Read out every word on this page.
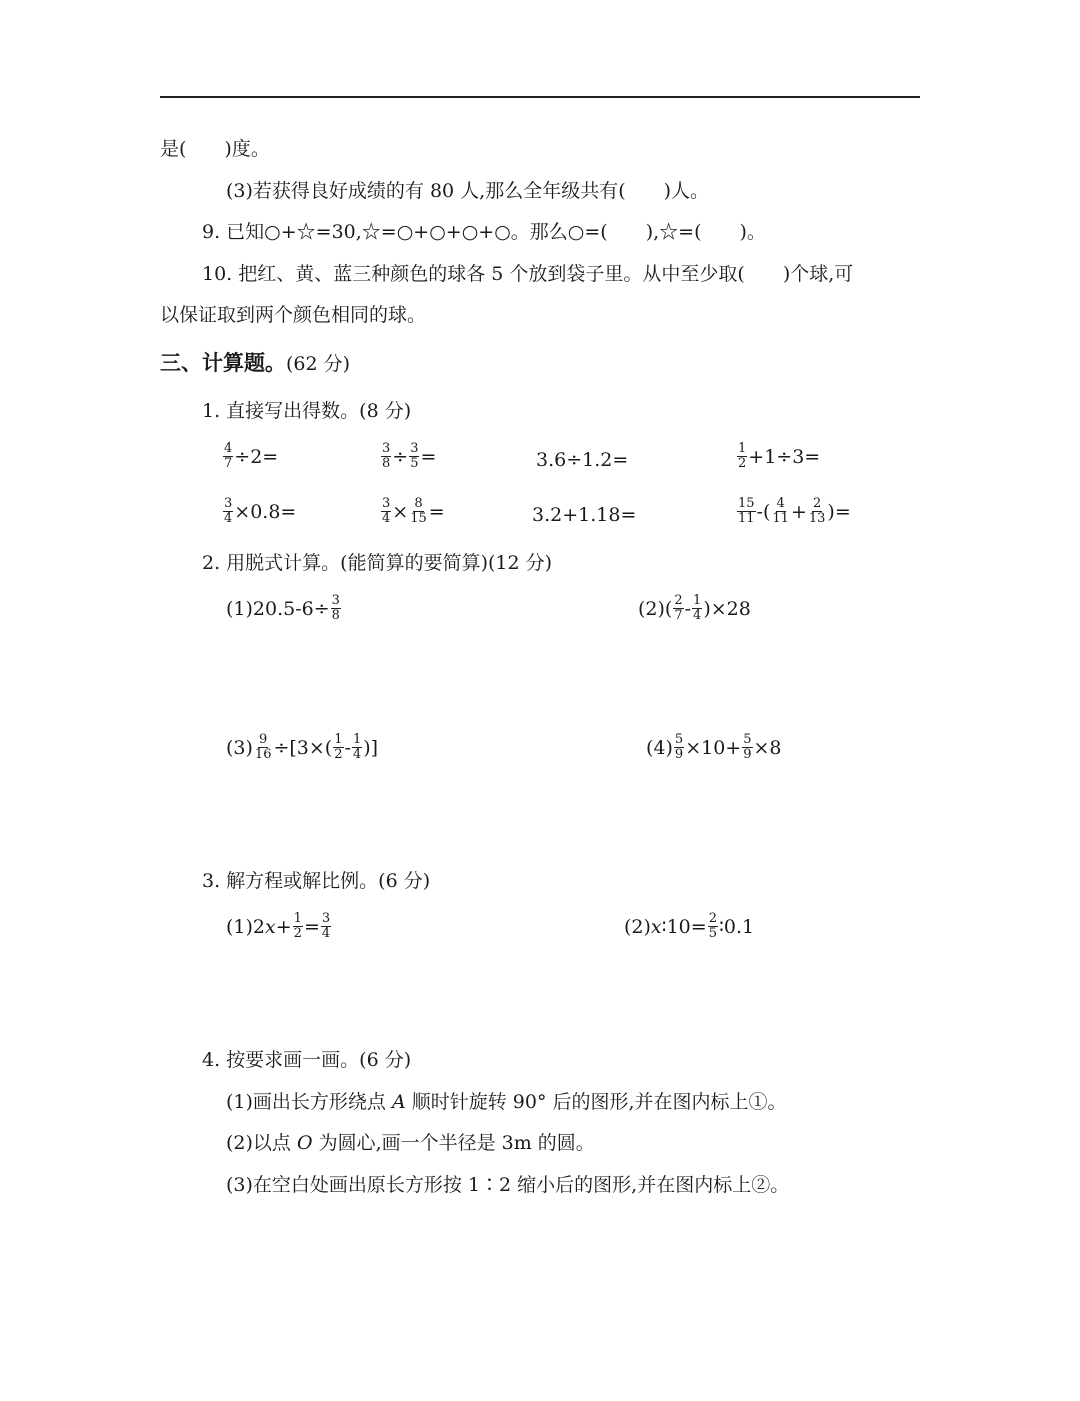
是(　　)度。
(3)若获得良好成绩的有 80 人,那么全年级共有(　　)人。
9. 已知○+☆=30,☆=○+○+○+○。那么○=(　　),☆=(　　)。
10. 把红、黄、蓝三种颜色的球各 5 个放到袋子里。从中至少取(　　)个球,可
以保证取到两个颜色相同的球。
三、计算题。(62 分)
1. 直接写出得数。(8 分)
$\frac{4}{7} \div 2=$	$\frac{3}{8} \div \frac{3}{5}$ =	3.6÷1.2=	$\frac{1}{2} +1\div 3=$
$\frac{3}{4} \times 0.8=$	$\frac{3}{4} \times \frac{8}{15}$ =	3.2+1.18=	$\frac{15}{11}$ -( $\frac{4}{11} + \frac{2}{13}$ )=
2. 用脱式计算。(能简算的要简算)(12 分)
$(1)20.5-6\div \frac{3}{8}$	$(2)( \frac{2}{7} - \frac{1}{4} )\times 28$
$(3) \frac{9}{16} \div[3\times( \frac{1}{2} - \frac{1}{4}$ )]	$(4) \frac{5}{9} \times 10+ \frac{5}{9} \times 8$
3. 解方程或解比例。(6 分)
(1)2 $x + \frac{1}{2} = \frac{3}{4}$	(2) x ∶10= $\frac{2}{5}$ ∶0.1
4. 按要求画一画。(6 分)
(1)画出长方形绕点 A 顺时针旋转 90° 后的图形,并在图内标上①。
(2)以点 O 为圆心,画一个半径是 3m 的圆。
(3)在空白处画出原长方形按 1∶2 缩小后的图形,并在图内标上②。
